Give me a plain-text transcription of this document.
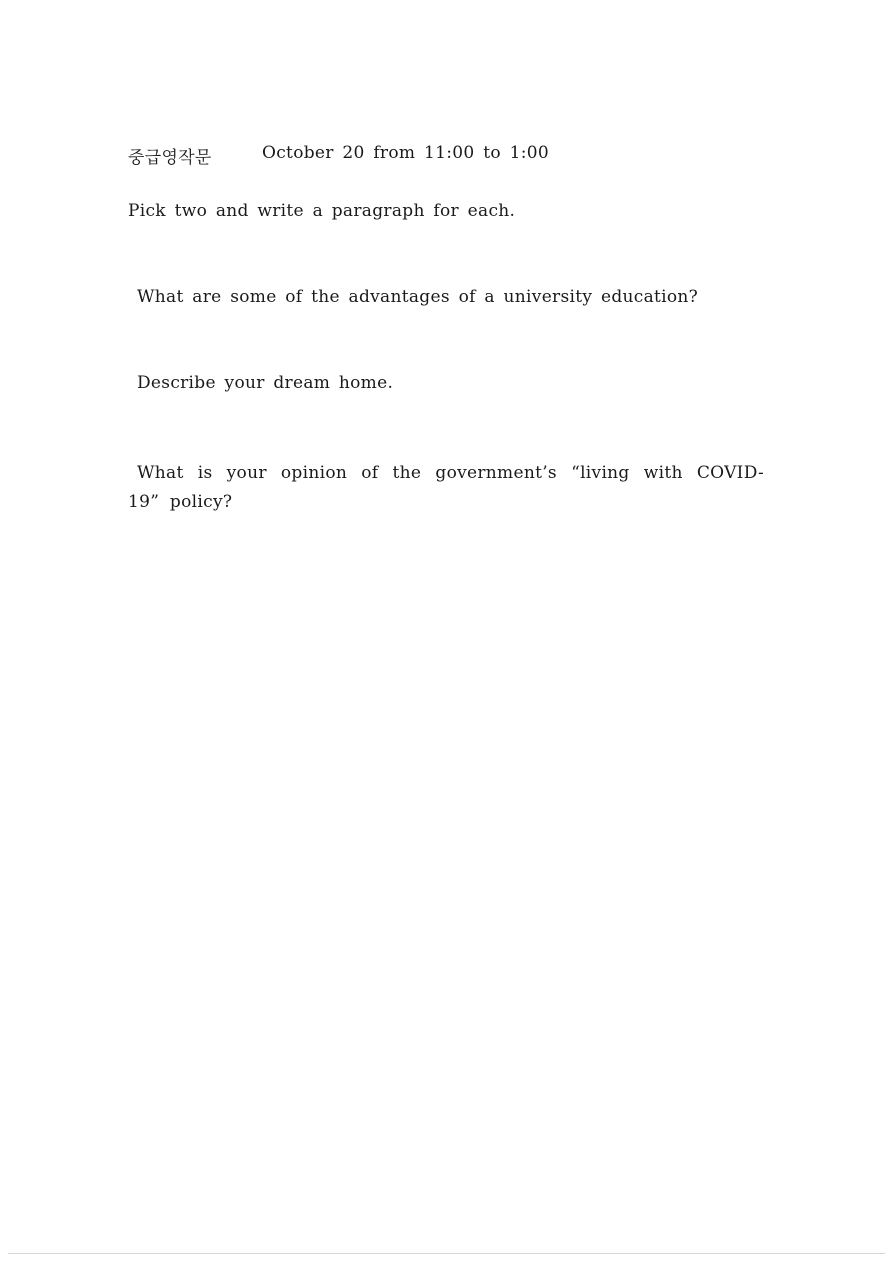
중급영작문	October 20 from 11:00 to 1:00
Pick two and write a paragraph for each.
What are some of the advantages of a university education?
Describe your dream home.
What is your opinion of the government’s “living with COVID-19” policy?
